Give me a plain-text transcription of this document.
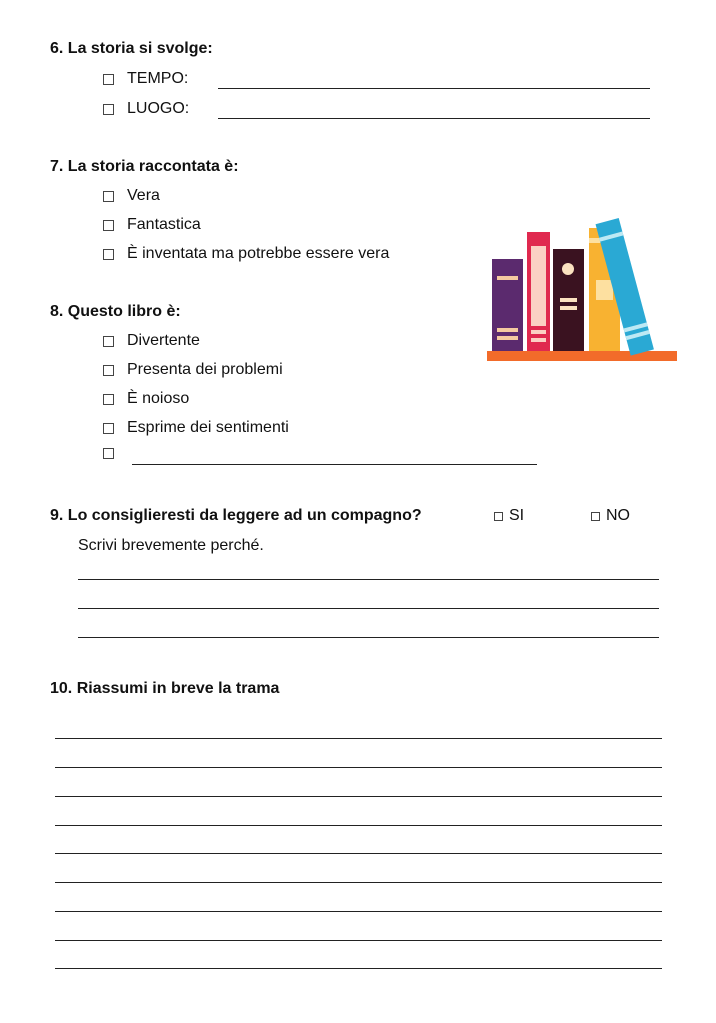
6. La storia si svolge:
TEMPO:
LUOGO:
7. La storia raccontata è:
Vera
Fantastica
È inventata ma potrebbe essere vera
8. Questo libro è:
Divertente
Presenta dei problemi
È noioso
Esprime dei sentimenti
9. Lo consiglieresti da leggere ad un compagno?	SI	NO
Scrivi brevemente perché.
10. Riassumi in breve la trama
